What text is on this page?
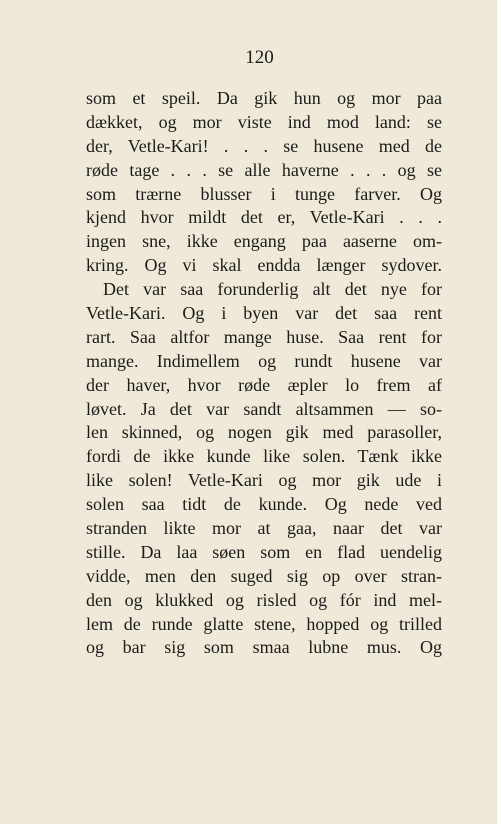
120
som et speil. Da gik hun og mor paa
dækket, og mor viste ind mod land: se
der, Vetle-Kari! . . . se husene med de
røde tage . . . se alle haverne . . . og se
som trærne blusser i tunge farver. Og
kjend hvor mildt det er, Vetle-Kari . . .
ingen sne, ikke engang paa aaserne om-
kring. Og vi skal endda længer sydover.
Det var saa forunderlig alt det nye for
Vetle-Kari. Og i byen var det saa rent
rart. Saa altfor mange huse. Saa rent for
mange. Indimellem og rundt husene var
der haver, hvor røde æpler lo frem af
løvet. Ja det var sandt altsammen — so-
len skinned, og nogen gik med parasoller,
fordi de ikke kunde like solen. Tænk ikke
like solen! Vetle-Kari og mor gik ude i
solen saa tidt de kunde. Og nede ved
stranden likte mor at gaa, naar det var
stille. Da laa søen som en flad uendelig
vidde, men den suged sig op over stran-
den og klukked og risled og fór ind mel-
lem de runde glatte stene, hopped og trilled
og bar sig som smaa lubne mus. Og
